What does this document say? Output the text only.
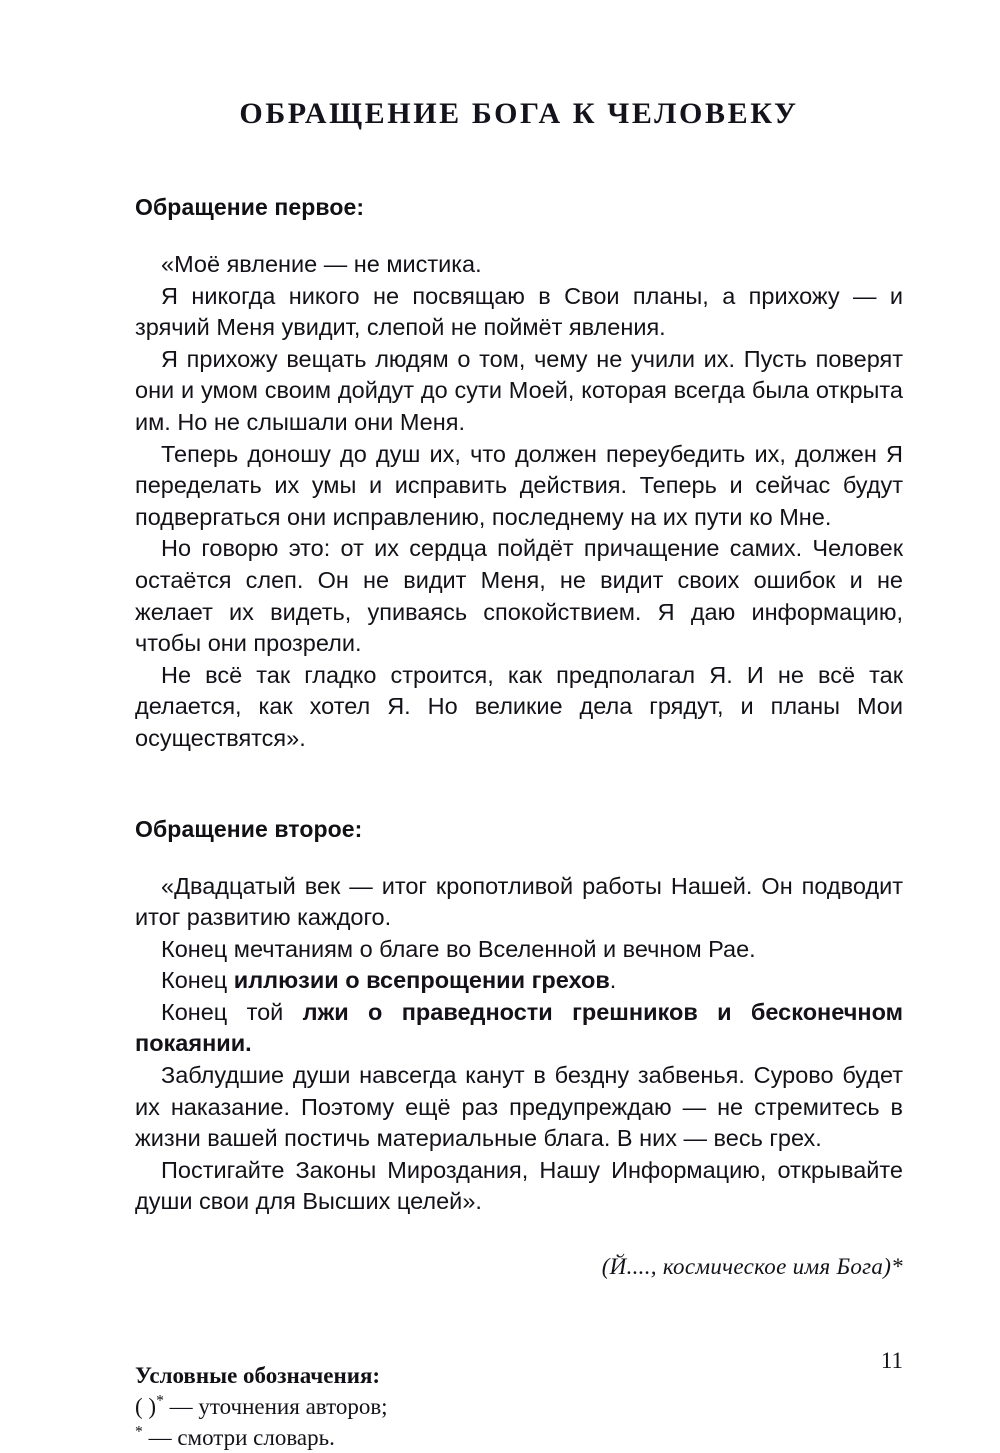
ОБРАЩЕНИЕ БОГА К ЧЕЛОВЕКУ
Обращение первое:

«Моё явление — не мистика.

Я никогда никого не посвящаю в Свои планы, а прихожу — и зрячий Меня увидит, слепой не поймёт явления.

Я прихожу вещать людям о том, чему не учили их. Пусть поверят они и умом своим дойдут до сути Моей, которая всегда была открыта им. Но не слышали они Меня.

Теперь доношу до душ их, что должен переубедить их, должен Я переделать их умы и исправить действия. Теперь и сейчас будут подвергаться они исправлению, последнему на их пути ко Мне.

Но говорю это: от их сердца пойдёт причащение самих. Человек остаётся слеп. Он не видит Меня, не видит своих ошибок и не желает их видеть, упиваясь спокойствием. Я даю информацию, чтобы они прозрели.

Не всё так гладко строится, как предполагал Я. И не всё так делается, как хотел Я. Но великие дела грядут, и планы Мои осуществятся».

Обращение второе:

«Двадцатый век — итог кропотливой работы Нашей. Он подводит итог развитию каждого.

Конец мечтаниям о благе во Вселенной и вечном Рае.

Конец иллюзии о всепрощении грехов.

Конец той лжи о праведности грешников и бесконечном покаянии.

Заблудшие души навсегда канут в бездну забвенья. Сурово будет их наказание. Поэтому ещё раз предупреждаю — не стремитесь в жизни вашей постичь материальные блага. В них — весь грех.

Постигайте Законы Мироздания, Нашу Информацию, открывайте души свои для Высших целей».

(Й...., космическое имя Бога)*

Условные обозначения:

( )* — уточнения авторов;

* — смотри словарь.

11
